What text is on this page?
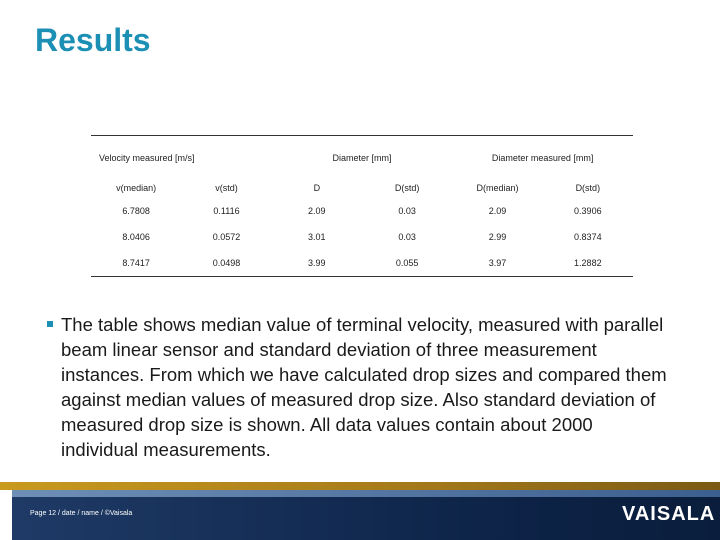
Results
Velocity measured [m/s]		Diameter [mm]		Diameter measured [mm]	
v(median)	v(std)	D	D(std)	D(median)	D(std)
6.7808	0.1116	2.09	0.03	2.09	0.3906
8.0406	0.0572	3.01	0.03	2.99	0.8374
8.7417	0.0498	3.99	0.055	3.97	1.2882
The table shows median value of terminal velocity, measured with parallel beam linear sensor and standard deviation of three measurement instances. From which we have calculated drop sizes and compared them against median values of measured drop size. Also standard deviation of measured drop size is shown. All data values contain about 2000 individual measurements.
Page 12 / date / name / ©Vaisala	VAISALA
